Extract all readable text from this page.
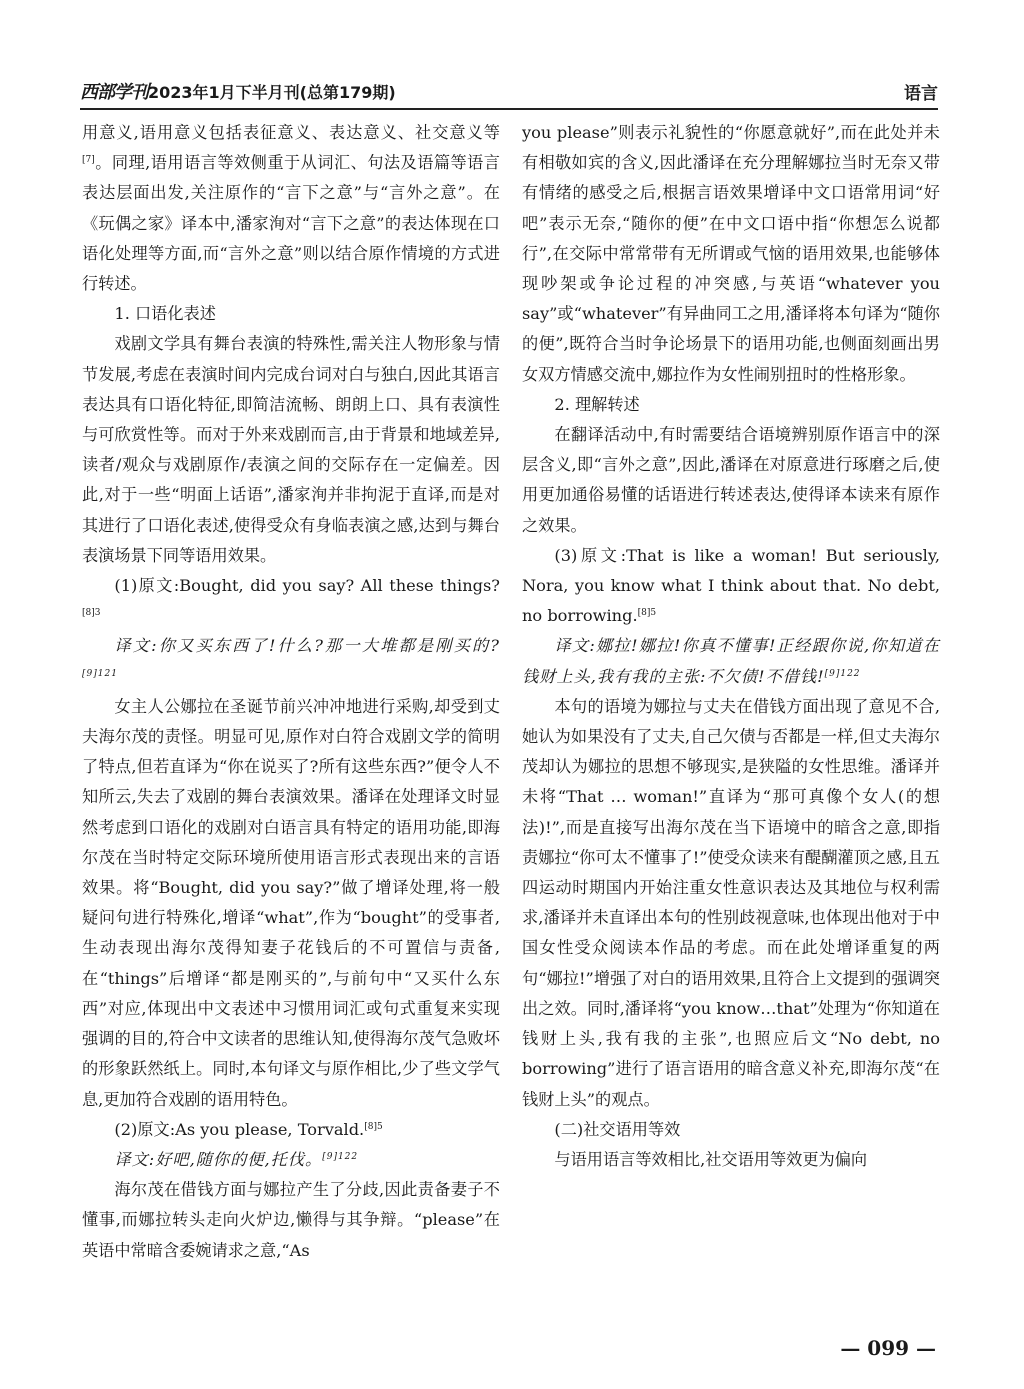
西部学刊2023年1月下半月刊(总第179期)	语言

用意义,语用意义包括表征意义、表达意义、社交意义等[7]。同理,语用语言等效侧重于从词汇、句法及语篇等语言表达层面出发,关注原作的“言下之意”与“言外之意”。在《玩偶之家》译本中,潘家洵对“言下之意”的表达体现在口语化处理等方面,而“言外之意”则以结合原作情境的方式进行转述。

1. 口语化表述

戏剧文学具有舞台表演的特殊性,需关注人物形象与情节发展,考虑在表演时间内完成台词对白与独白,因此其语言表达具有口语化特征,即简洁流畅、朗朗上口、具有表演性与可欣赏性等。而对于外来戏剧而言,由于背景和地域差异,读者/观众与戏剧原作/表演之间的交际存在一定偏差。因此,对于一些“明面上话语”,潘家洵并非拘泥于直译,而是对其进行了口语化表述,使得受众有身临表演之感,达到与舞台表演场景下同等语用效果。

(1)原文:Bought, did you say? All these things?$^{[8]3}$

译文:你又买东西了!什么?那一大堆都是刚买的?$^{[9]121}$

女主人公娜拉在圣诞节前兴冲冲地进行采购,却受到丈夫海尔茂的责怪。明显可见,原作对白符合戏剧文学的简明了特点,但若直译为“你在说买了?所有这些东西?”便令人不知所云,失去了戏剧的舞台表演效果。潘译在处理译文时显然考虑到口语化的戏剧对白语言具有特定的语用功能,即海尔茂在当时特定交际环境所使用语言形式表现出来的言语效果。将“Bought, did you say?”做了增译处理,将一般疑问句进行特殊化,增译“what”,作为“bought”的受事者,生动表现出海尔茂得知妻子花钱后的不可置信与责备,在“things”后增译“都是刚买的”,与前句中“又买什么东西”对应,体现出中文表述中习惯用词汇或句式重复来实现强调的目的,符合中文读者的思维认知,使得海尔茂气急败坏的形象跃然纸上。同时,本句译文与原作相比,少了些文学气息,更加符合戏剧的语用特色。

(2)原文:As you please, Torvald.$^{[8]5}$

译文:好吧,随你的便,托伐。$^{[9]122}$

海尔茂在借钱方面与娜拉产生了分歧,因此责备妻子不懂事,而娜拉转头走向火炉边,懒得与其争辩。“please”在英语中常暗含委婉请求之意,“As

you please”则表示礼貌性的“你愿意就好”,而在此处并未有相敬如宾的含义,因此潘译在充分理解娜拉当时无奈又带有情绪的感受之后,根据言语效果增译中文口语常用词“好吧”表示无奈,“随你的便”在中文口语中指“你想怎么说都行”,在交际中常常带有无所谓或气恼的语用效果,也能够体现吵架或争论过程的冲突感,与英语“whatever you say”或“whatever”有异曲同工之用,潘译将本句译为“随你的便”,既符合当时争论场景下的语用功能,也侧面刻画出男女双方情感交流中,娜拉作为女性闹别扭时的性格形象。

2. 理解转述

在翻译活动中,有时需要结合语境辨别原作语言中的深层含义,即“言外之意”,因此,潘译在对原意进行琢磨之后,使用更加通俗易懂的话语进行转述表达,使得译本读来有原作之效果。

(3)原文:That is like a woman! But seriously, Nora, you know what I think about that. No debt, no borrowing.$^{[8]5}$

译文:娜拉!娜拉!你真不懂事!正经跟你说,你知道在钱财上头,我有我的主张:不欠债!不借钱!$^{[9]122}$

本句的语境为娜拉与丈夫在借钱方面出现了意见不合,她认为如果没有了丈夫,自己欠债与否都是一样,但丈夫海尔茂却认为娜拉的思想不够现实,是狭隘的女性思维。潘译并未将“That … woman!”直译为“那可真像个女人(的想法)!”,而是直接写出海尔茂在当下语境中的暗含之意,即指责娜拉“你可太不懂事了!”使受众读来有醍醐灌顶之感,且五四运动时期国内开始注重女性意识表达及其地位与权利需求,潘译并未直译出本句的性别歧视意味,也体现出他对于中国女性受众阅读本作品的考虑。而在此处增译重复的两句“娜拉!”增强了对白的语用效果,且符合上文提到的强调突出之效。同时,潘译将“you know…that”处理为“你知道在钱财上头,我有我的主张”,也照应后文“No debt, no borrowing”进行了语言语用的暗含意义补充,即海尔茂“在钱财上头”的观点。

(二)社交语用等效

与语用语言等效相比,社交语用等效更为偏向

— 099 —
